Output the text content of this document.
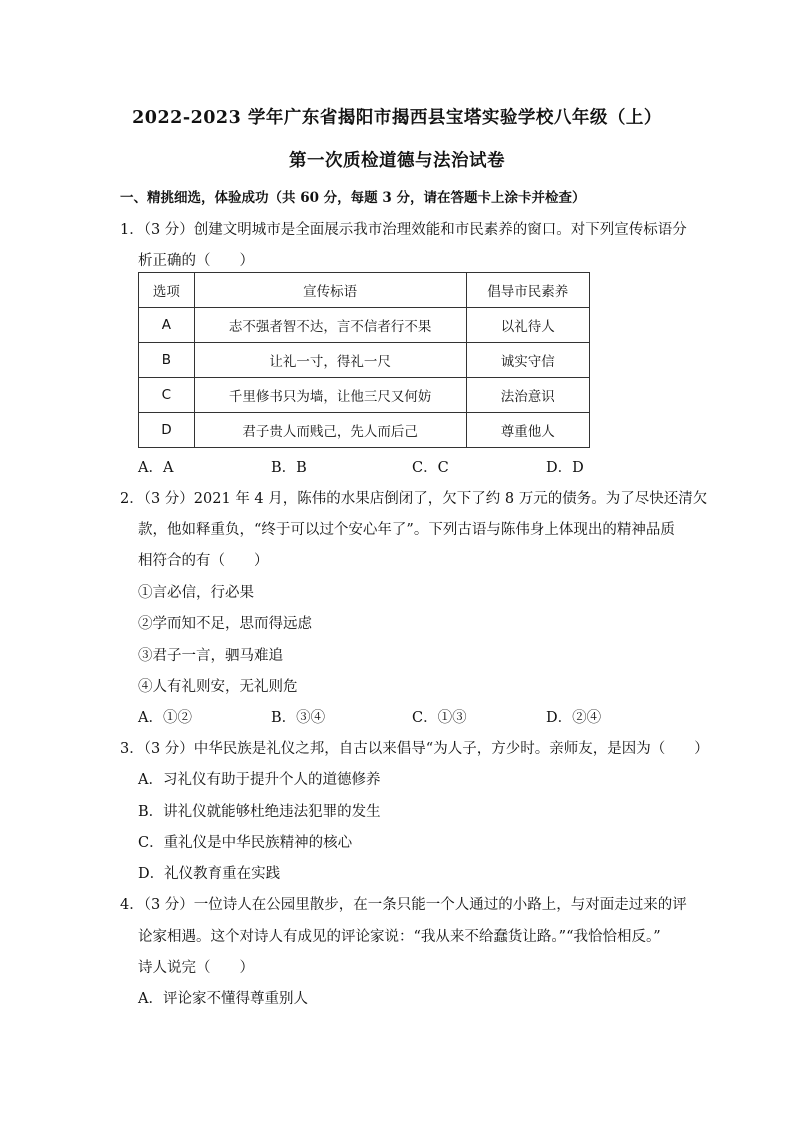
2022-2023 学年广东省揭阳市揭西县宝塔实验学校八年级（上）
第一次质检道德与法治试卷
一、精挑细选，体验成功（共 60 分，每题 3 分，请在答题卡上涂卡并检查）
1．（3 分）创建文明城市是全面展示我市治理效能和市民素养的窗口。对下列宣传标语分
析正确的（　　）
选项	宣传标语	倡导市民素养
A	志不强者智不达，言不信者行不果	以礼待人
B	让礼一寸，得礼一尺	诚实守信
C	千里修书只为墙，让他三尺又何妨	法治意识
D	君子贵人而贱己，先人而后己	尊重他人
A．A	B．B	C．C	D．D
2．（3 分）2021 年 4 月，陈伟的水果店倒闭了，欠下了约 8 万元的债务。为了尽快还清欠
款，他如释重负，“终于可以过个安心年了”。下列古语与陈伟身上体现出的精神品质
相符合的有（　　）
①言必信，行必果
②学而知不足，思而得远虑
③君子一言，驷马难追
④人有礼则安，无礼则危
A．①②	B．③④	C．①③	D．②④
3．（3 分）中华民族是礼仪之邦，自古以来倡导“为人子，方少时。亲师友，是因为（　　）
A．习礼仪有助于提升个人的道德修养
B．讲礼仪就能够杜绝违法犯罪的发生
C．重礼仪是中华民族精神的核心
D．礼仪教育重在实践
4．（3 分）一位诗人在公园里散步，在一条只能一个人通过的小路上，与对面走过来的评
论家相遇。这个对诗人有成见的评论家说：“我从来不给蠢货让路。”“我恰恰相反。”
诗人说完（　　）
A．评论家不懂得尊重别人
